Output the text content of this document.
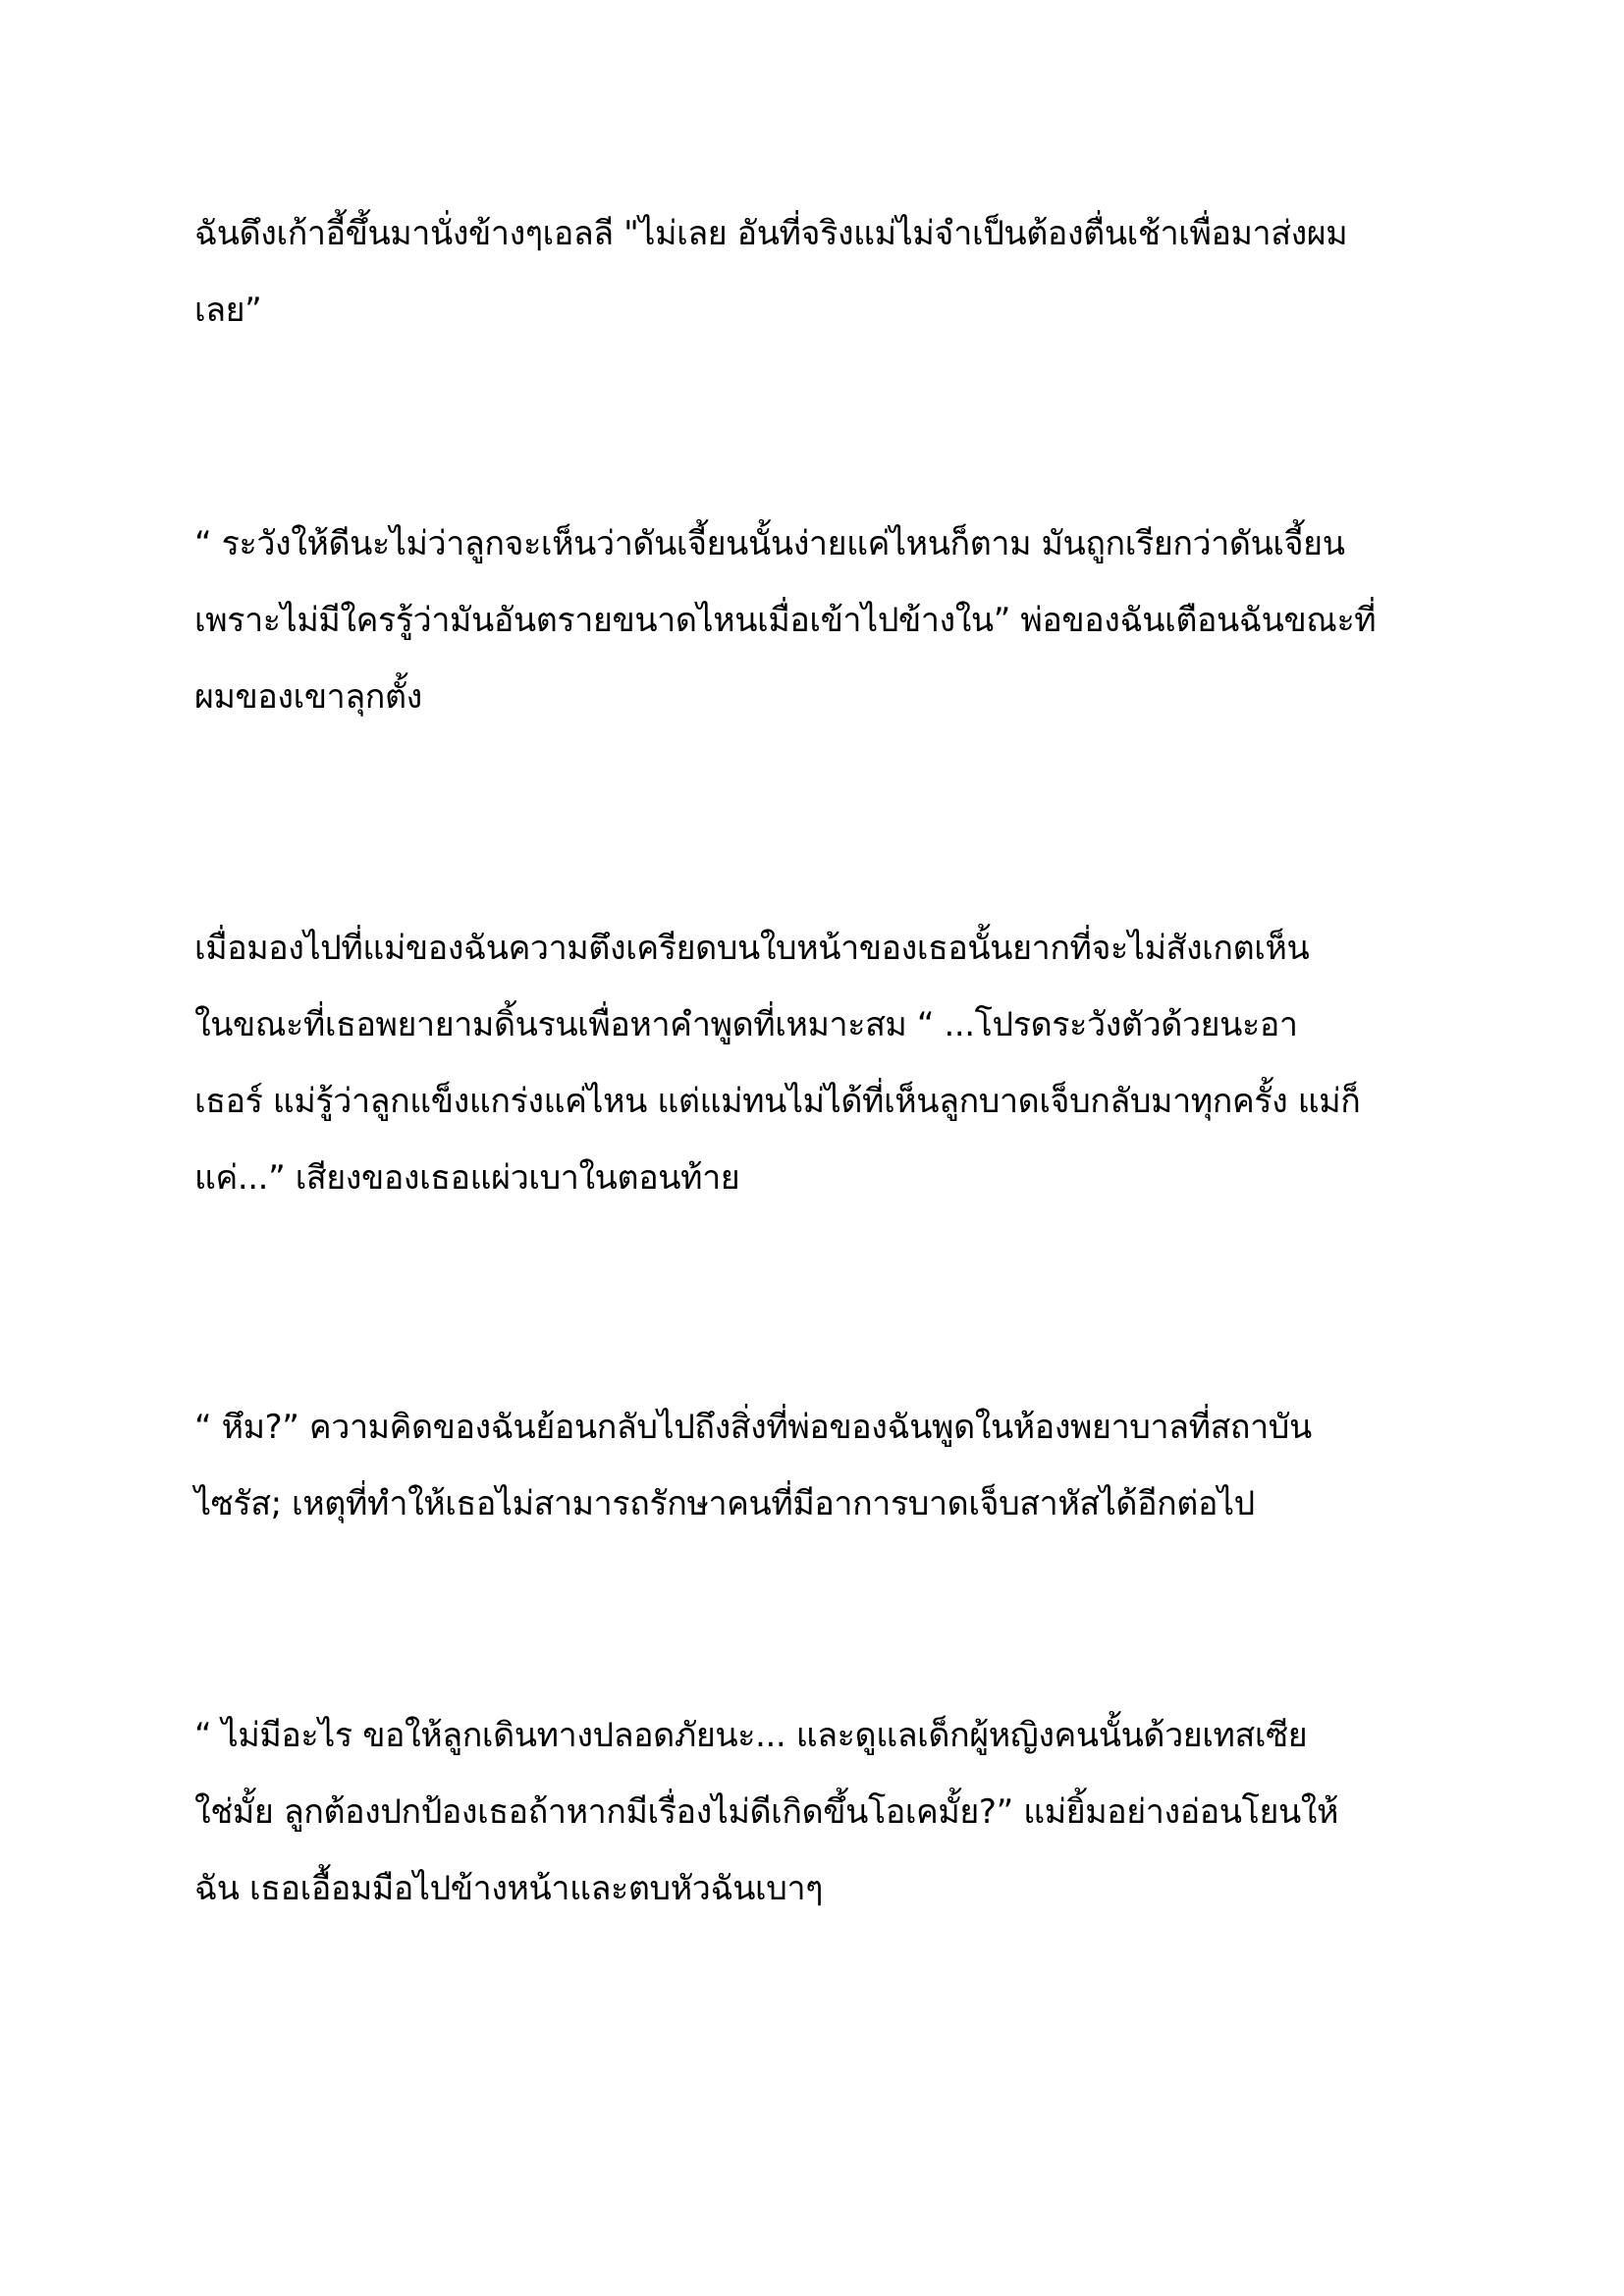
ฉันดึงเก้าอี้ขึ้นมานั่งข้างๆเอลลี "ไม่เลย อันที่จริงแม่ไม่จำเป็นต้องตื่นเช้าเพื่อมาส่งผม
เลย”
“ ระวังให้ดีนะไม่ว่าลูกจะเห็นว่าดันเจี้ยนนั้นง่ายแค่ไหนก็ตาม มันถูกเรียกว่าดันเจี้ยน
เพราะไม่มีใครรู้ว่ามันอันตรายขนาดไหนเมื่อเข้าไปข้างใน” พ่อของฉันเตือนฉันขณะที่
ผมของเขาลุกตั้ง
เมื่อมองไปที่แม่ของฉันความตึงเครียดบนใบหน้าของเธอนั้นยากที่จะไม่สังเกตเห็น
ในขณะที่เธอพยายามดิ้นรนเพื่อหาคำพูดที่เหมาะสม “ ...โปรดระวังตัวด้วยนะอา
เธอร์ แม่รู้ว่าลูกแข็งแกร่งแค่ไหน แต่แม่ทนไม่ได้ที่เห็นลูกบาดเจ็บกลับมาทุกครั้ง แม่ก็
แค่...” เสียงของเธอแผ่วเบาในตอนท้าย
“ หึม?” ความคิดของฉันย้อนกลับไปถึงสิ่งที่พ่อของฉันพูดในห้องพยาบาลที่สถาบัน
ไซรัส; เหตุที่ทำให้เธอไม่สามารถรักษาคนที่มีอาการบาดเจ็บสาหัสได้อีกต่อไป
“ ไม่มีอะไร ขอให้ลูกเดินทางปลอดภัยนะ... และดูแลเด็กผู้หญิงคนนั้นด้วยเทสเซีย
ใช่มั้ย ลูกต้องปกป้องเธอถ้าหากมีเรื่องไม่ดีเกิดขึ้นโอเคมั้ย?” แม่ยิ้มอย่างอ่อนโยนให้
ฉัน เธอเอื้อมมือไปข้างหน้าและตบหัวฉันเบาๆ
